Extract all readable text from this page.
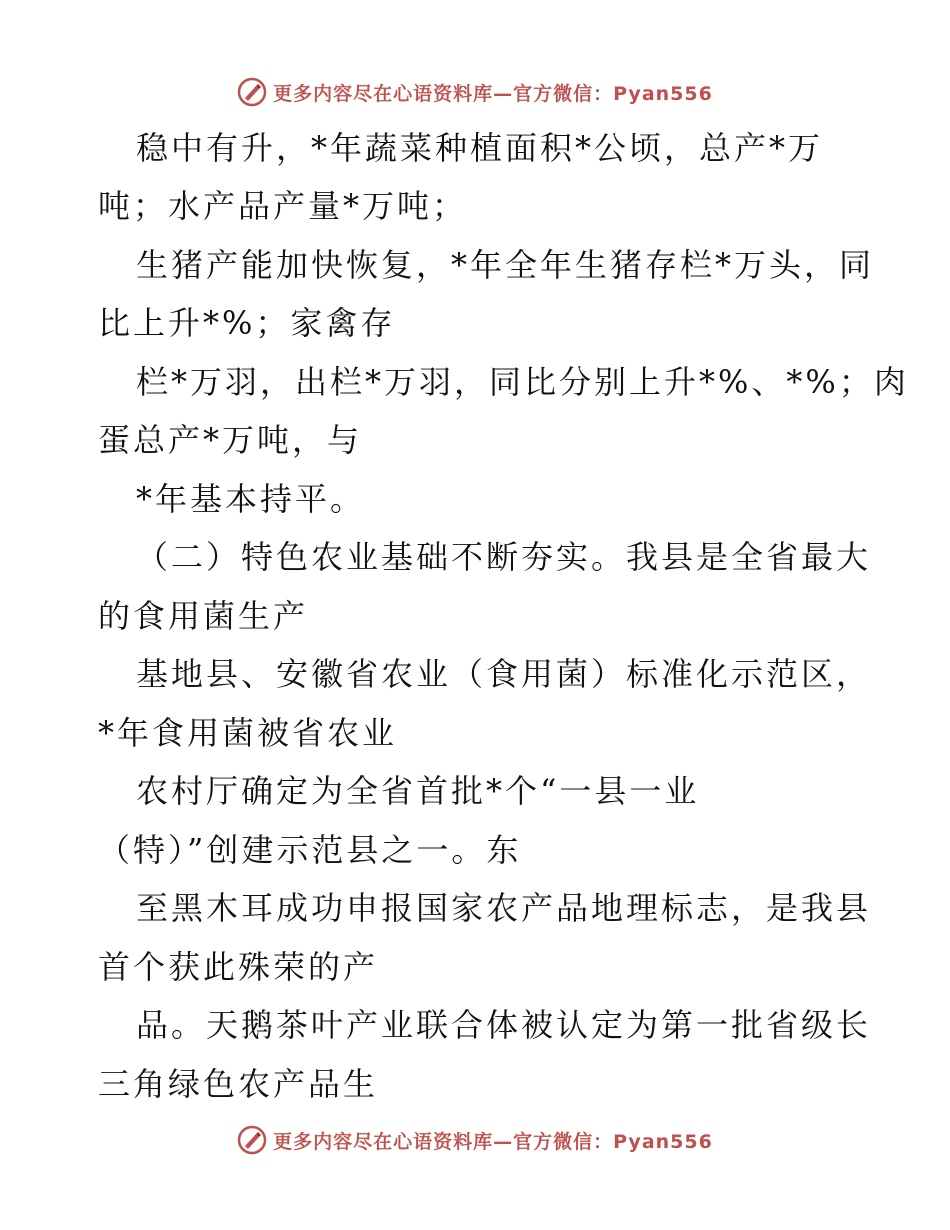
更多内容尽在心语资料库—官方微信：Pyan556
稳中有升，*年蔬菜种植面积*公顷，总产*万
吨；水产品产量*万吨；
生猪产能加快恢复，*年全年生猪存栏*万头，同
比上升*%；家禽存
栏*万羽，出栏*万羽，同比分别上升*%、*%；肉
蛋总产*万吨，与
*年基本持平。
（二）特色农业基础不断夯实。我县是全省最大
的食用菌生产
基地县、安徽省农业（食用菌）标准化示范区，
*年食用菌被省农业
农村厅确定为全省首批*个“一县一业
（特）”创建示范县之一。东
至黑木耳成功申报国家农产品地理标志，是我县
首个获此殊荣的产
品。天鹅茶叶产业联合体被认定为第一批省级长
三角绿色农产品生
更多内容尽在心语资料库—官方微信：Pyan556
